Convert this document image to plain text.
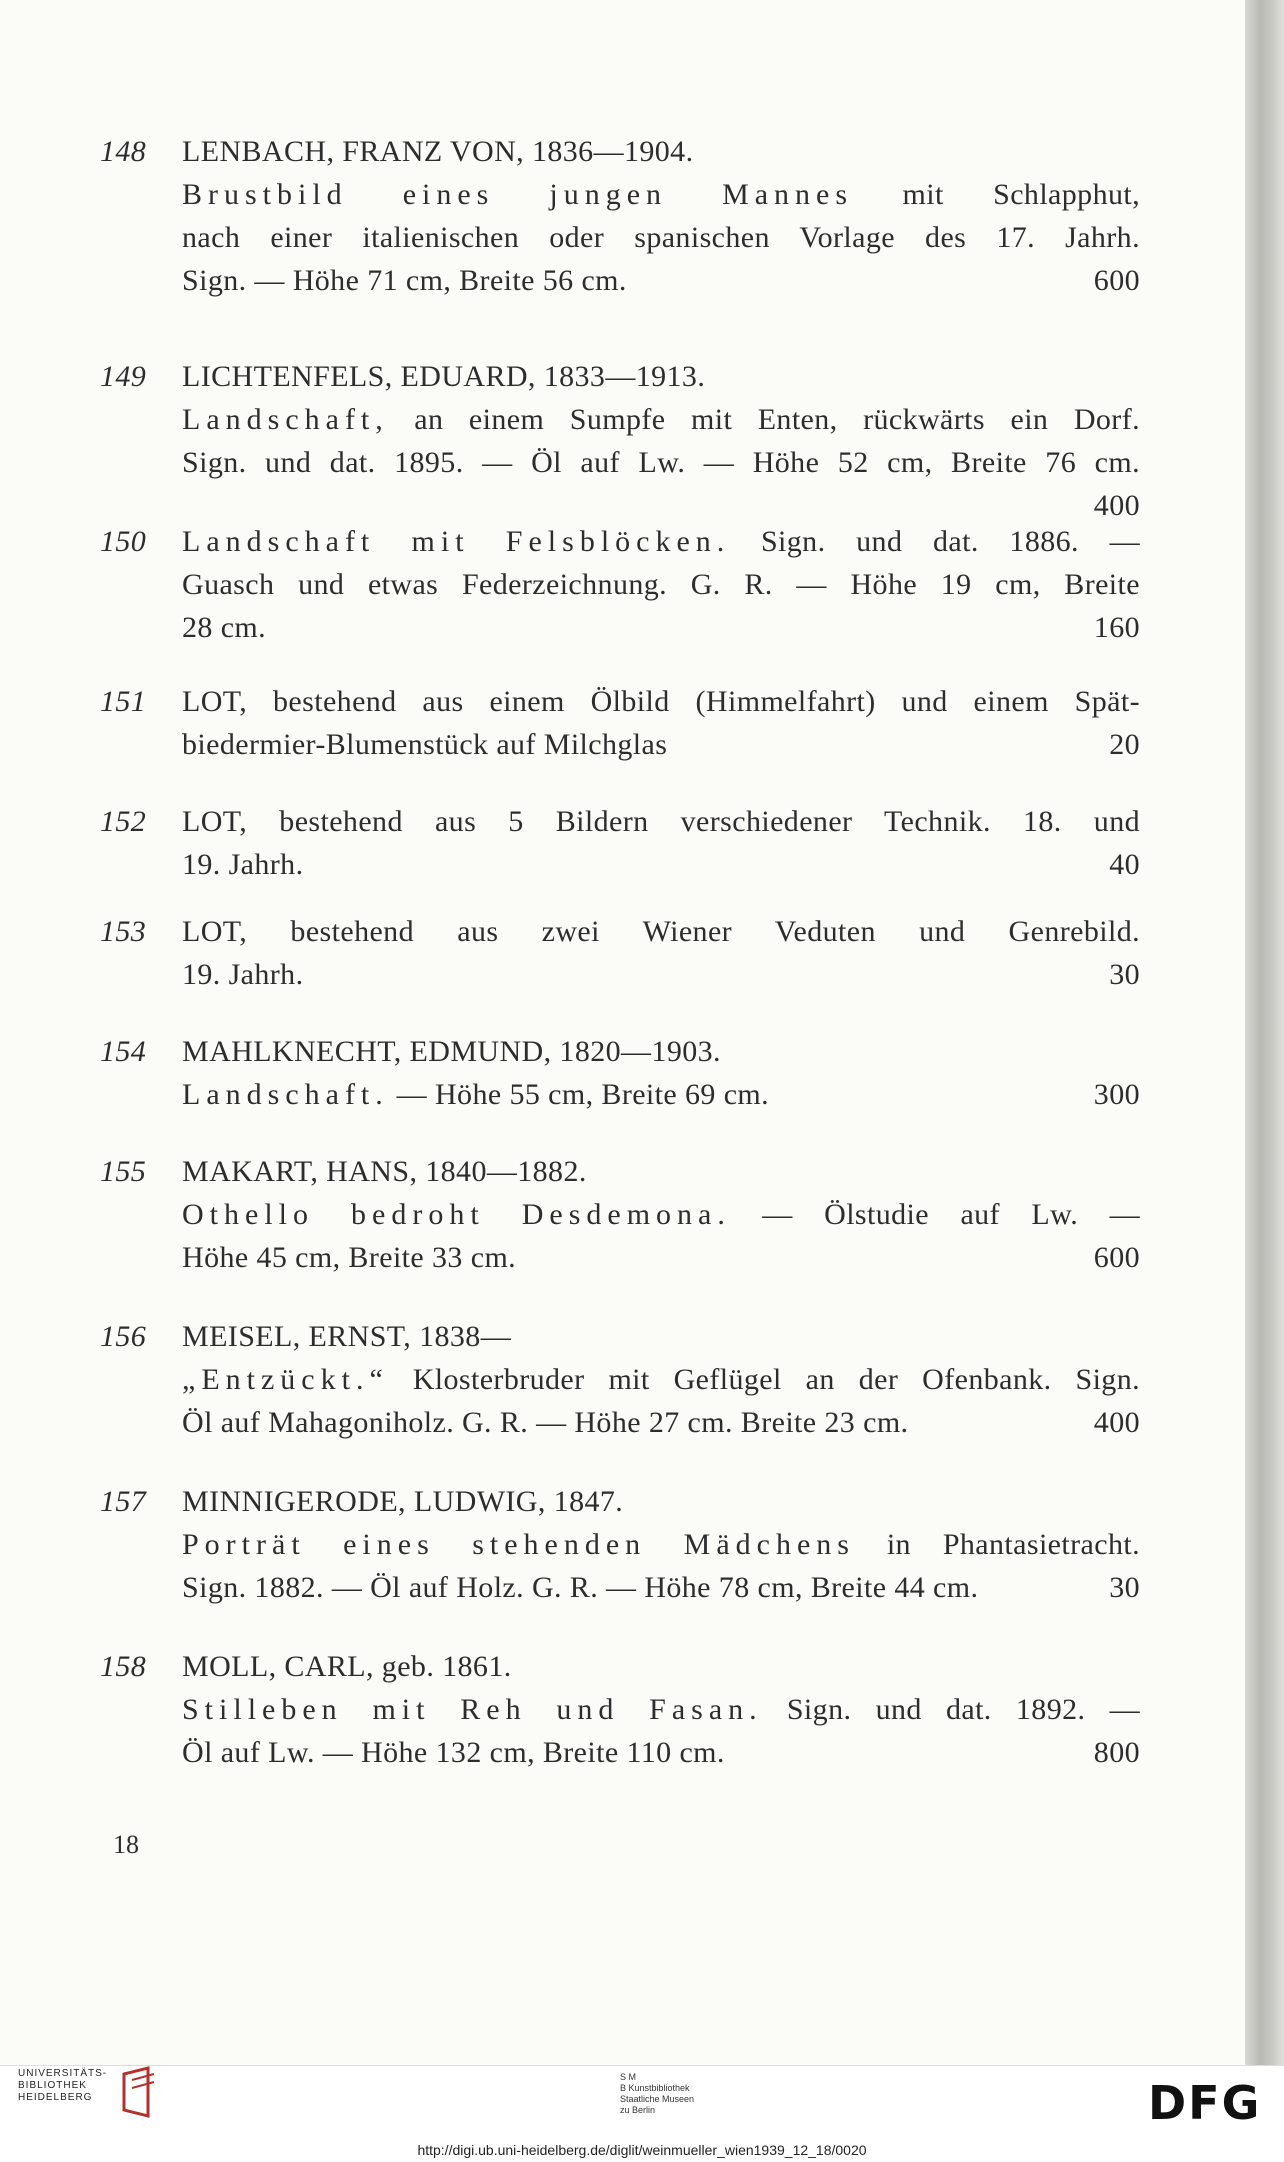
148	LENBACH, FRANZ VON, 1836—1904.
Brustbild eines jungen Mannes mit Schlapphut,
nach einer italienischen oder spanischen Vorlage des 17. Jahrh.
Sign. — Höhe 71 cm, Breite 56 cm.	600
149	LICHTENFELS, EDUARD, 1833—1913.
Landschaft, an einem Sumpfe mit Enten, rückwärts ein Dorf.
Sign. und dat. 1895. — Öl auf Lw. — Höhe 52 cm, Breite 76 cm.
400
150	Landschaft mit Felsblöcken. Sign. und dat. 1886. —
Guasch und etwas Federzeichnung. G. R. — Höhe 19 cm, Breite
28 cm.	160
151	LOT, bestehend aus einem Ölbild (Himmelfahrt) und einem Spät-
biedermier-Blumenstück auf Milchglas	20
152	LOT, bestehend aus 5 Bildern verschiedener Technik. 18. und
19. Jahrh.	40
153	LOT, bestehend aus zwei Wiener Veduten und Genrebild.
19. Jahrh.	30
154	MAHLKNECHT, EDMUND, 1820—1903.
Landschaft. — Höhe 55 cm, Breite 69 cm.	300
155	MAKART, HANS, 1840—1882.
Othello bedroht Desdemona. — Ölstudie auf Lw. —
Höhe 45 cm, Breite 33 cm.	600
156	MEISEL, ERNST, 1838—
„Entzückt.“ Klosterbruder mit Geflügel an der Ofenbank. Sign.
Öl auf Mahagoniholz. G. R. — Höhe 27 cm. Breite 23 cm.	400
157	MINNIGERODE, LUDWIG, 1847.
Porträt eines stehenden Mädchens in Phantasietracht.
Sign. 1882. — Öl auf Holz. G. R. — Höhe 78 cm, Breite 44 cm.	30
158	MOLL, CARL, geb. 1861.
Stilleben mit Reh und Fasan. Sign. und dat. 1892. —
Öl auf Lw. — Höhe 132 cm, Breite 110 cm.	800
18
UNIVERSITÄTS-
BIBLIOTHEK
HEIDELBERG
S M
B Kunstbibliothek
Staatliche Museen
zu Berlin	DFG
http://digi.ub.uni-heidelberg.de/diglit/weinmueller_wien1939_12_18/0020
